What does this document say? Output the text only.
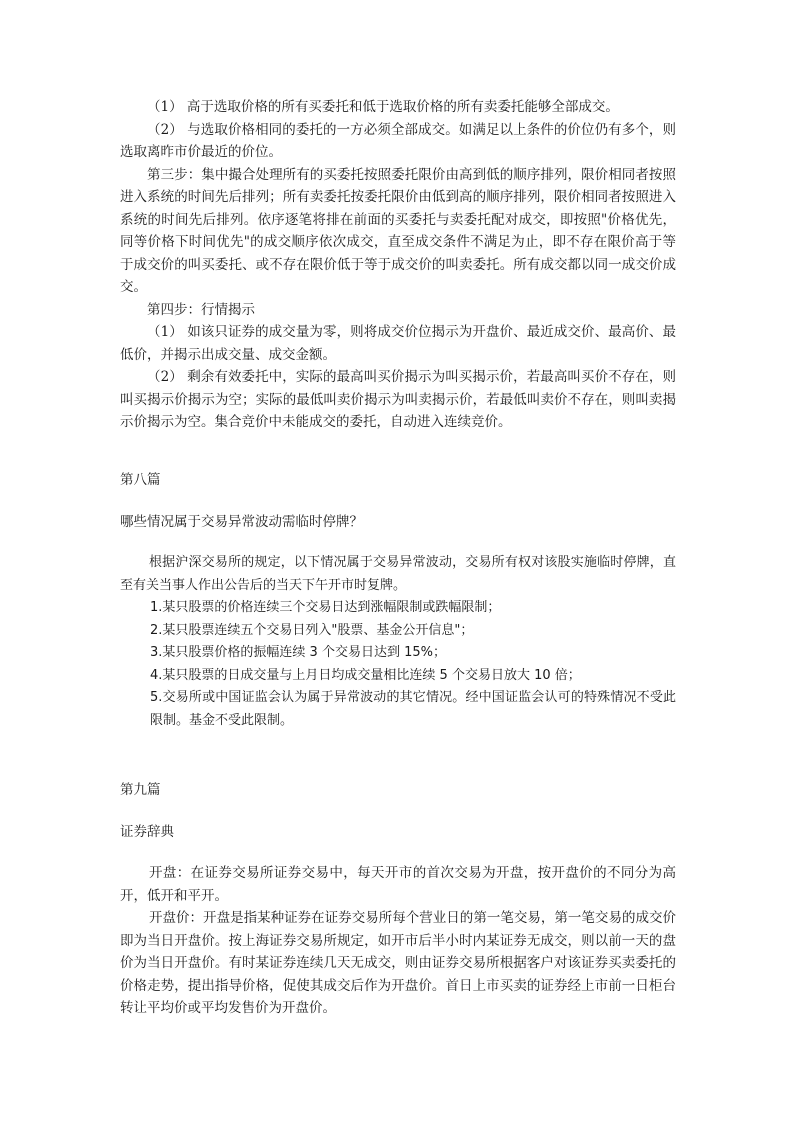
（1） 高于选取价格的所有买委托和低于选取价格的所有卖委托能够全部成交。

（2） 与选取价格相同的委托的一方必须全部成交。如满足以上条件的价位仍有多个，则选取离昨市价最近的价位。

第三步：集中撮合处理所有的买委托按照委托限价由高到低的顺序排列，限价相同者按照进入系统的时间先后排列；所有卖委托按委托限价由低到高的顺序排列，限价相同者按照进入系统的时间先后排列。依序逐笔将排在前面的买委托与卖委托配对成交，即按照"价格优先，同等价格下时间优先"的成交顺序依次成交，直至成交条件不满足为止，即不存在限价高于等于成交价的叫买委托、或不存在限价低于等于成交价的叫卖委托。所有成交都以同一成交价成交。

第四步：行情揭示

（1） 如该只证券的成交量为零，则将成交价位揭示为开盘价、最近成交价、最高价、最低价，并揭示出成交量、成交金额。

（2） 剩余有效委托中，实际的最高叫买价揭示为叫买揭示价，若最高叫买价不存在，则叫买揭示价揭示为空；实际的最低叫卖价揭示为叫卖揭示价，若最低叫卖价不存在，则叫卖揭示价揭示为空。集合竞价中未能成交的委托，自动进入连续竞价。

第八篇
哪些情况属于交易异常波动需临时停牌？

根据沪深交易所的规定，以下情况属于交易异常波动，交易所有权对该股实施临时停牌，直至有关当事人作出公告后的当天下午开市时复牌。

1.某只股票的价格连续三个交易日达到涨幅限制或跌幅限制；

2.某只股票连续五个交易日列入"股票、基金公开信息"；

3.某只股票价格的振幅连续 3 个交易日达到 15%；

4.某只股票的日成交量与上月日均成交量相比连续 5 个交易日放大 10 倍；

5.交易所或中国证监会认为属于异常波动的其它情况。经中国证监会认可的特殊情况不受此限制。基金不受此限制。

第九篇
证券辞典

开盘：在证券交易所证券交易中，每天开市的首次交易为开盘，按开盘价的不同分为高开，低开和平开。

开盘价：开盘是指某种证券在证券交易所每个营业日的第一笔交易，第一笔交易的成交价即为当日开盘价。按上海证券交易所规定，如开市后半小时内某证券无成交，则以前一天的盘价为当日开盘价。有时某证券连续几天无成交，则由证券交易所根据客户对该证券买卖委托的价格走势，提出指导价格，促使其成交后作为开盘价。首日上市买卖的证券经上市前一日柜台转让平均价或平均发售价为开盘价。
